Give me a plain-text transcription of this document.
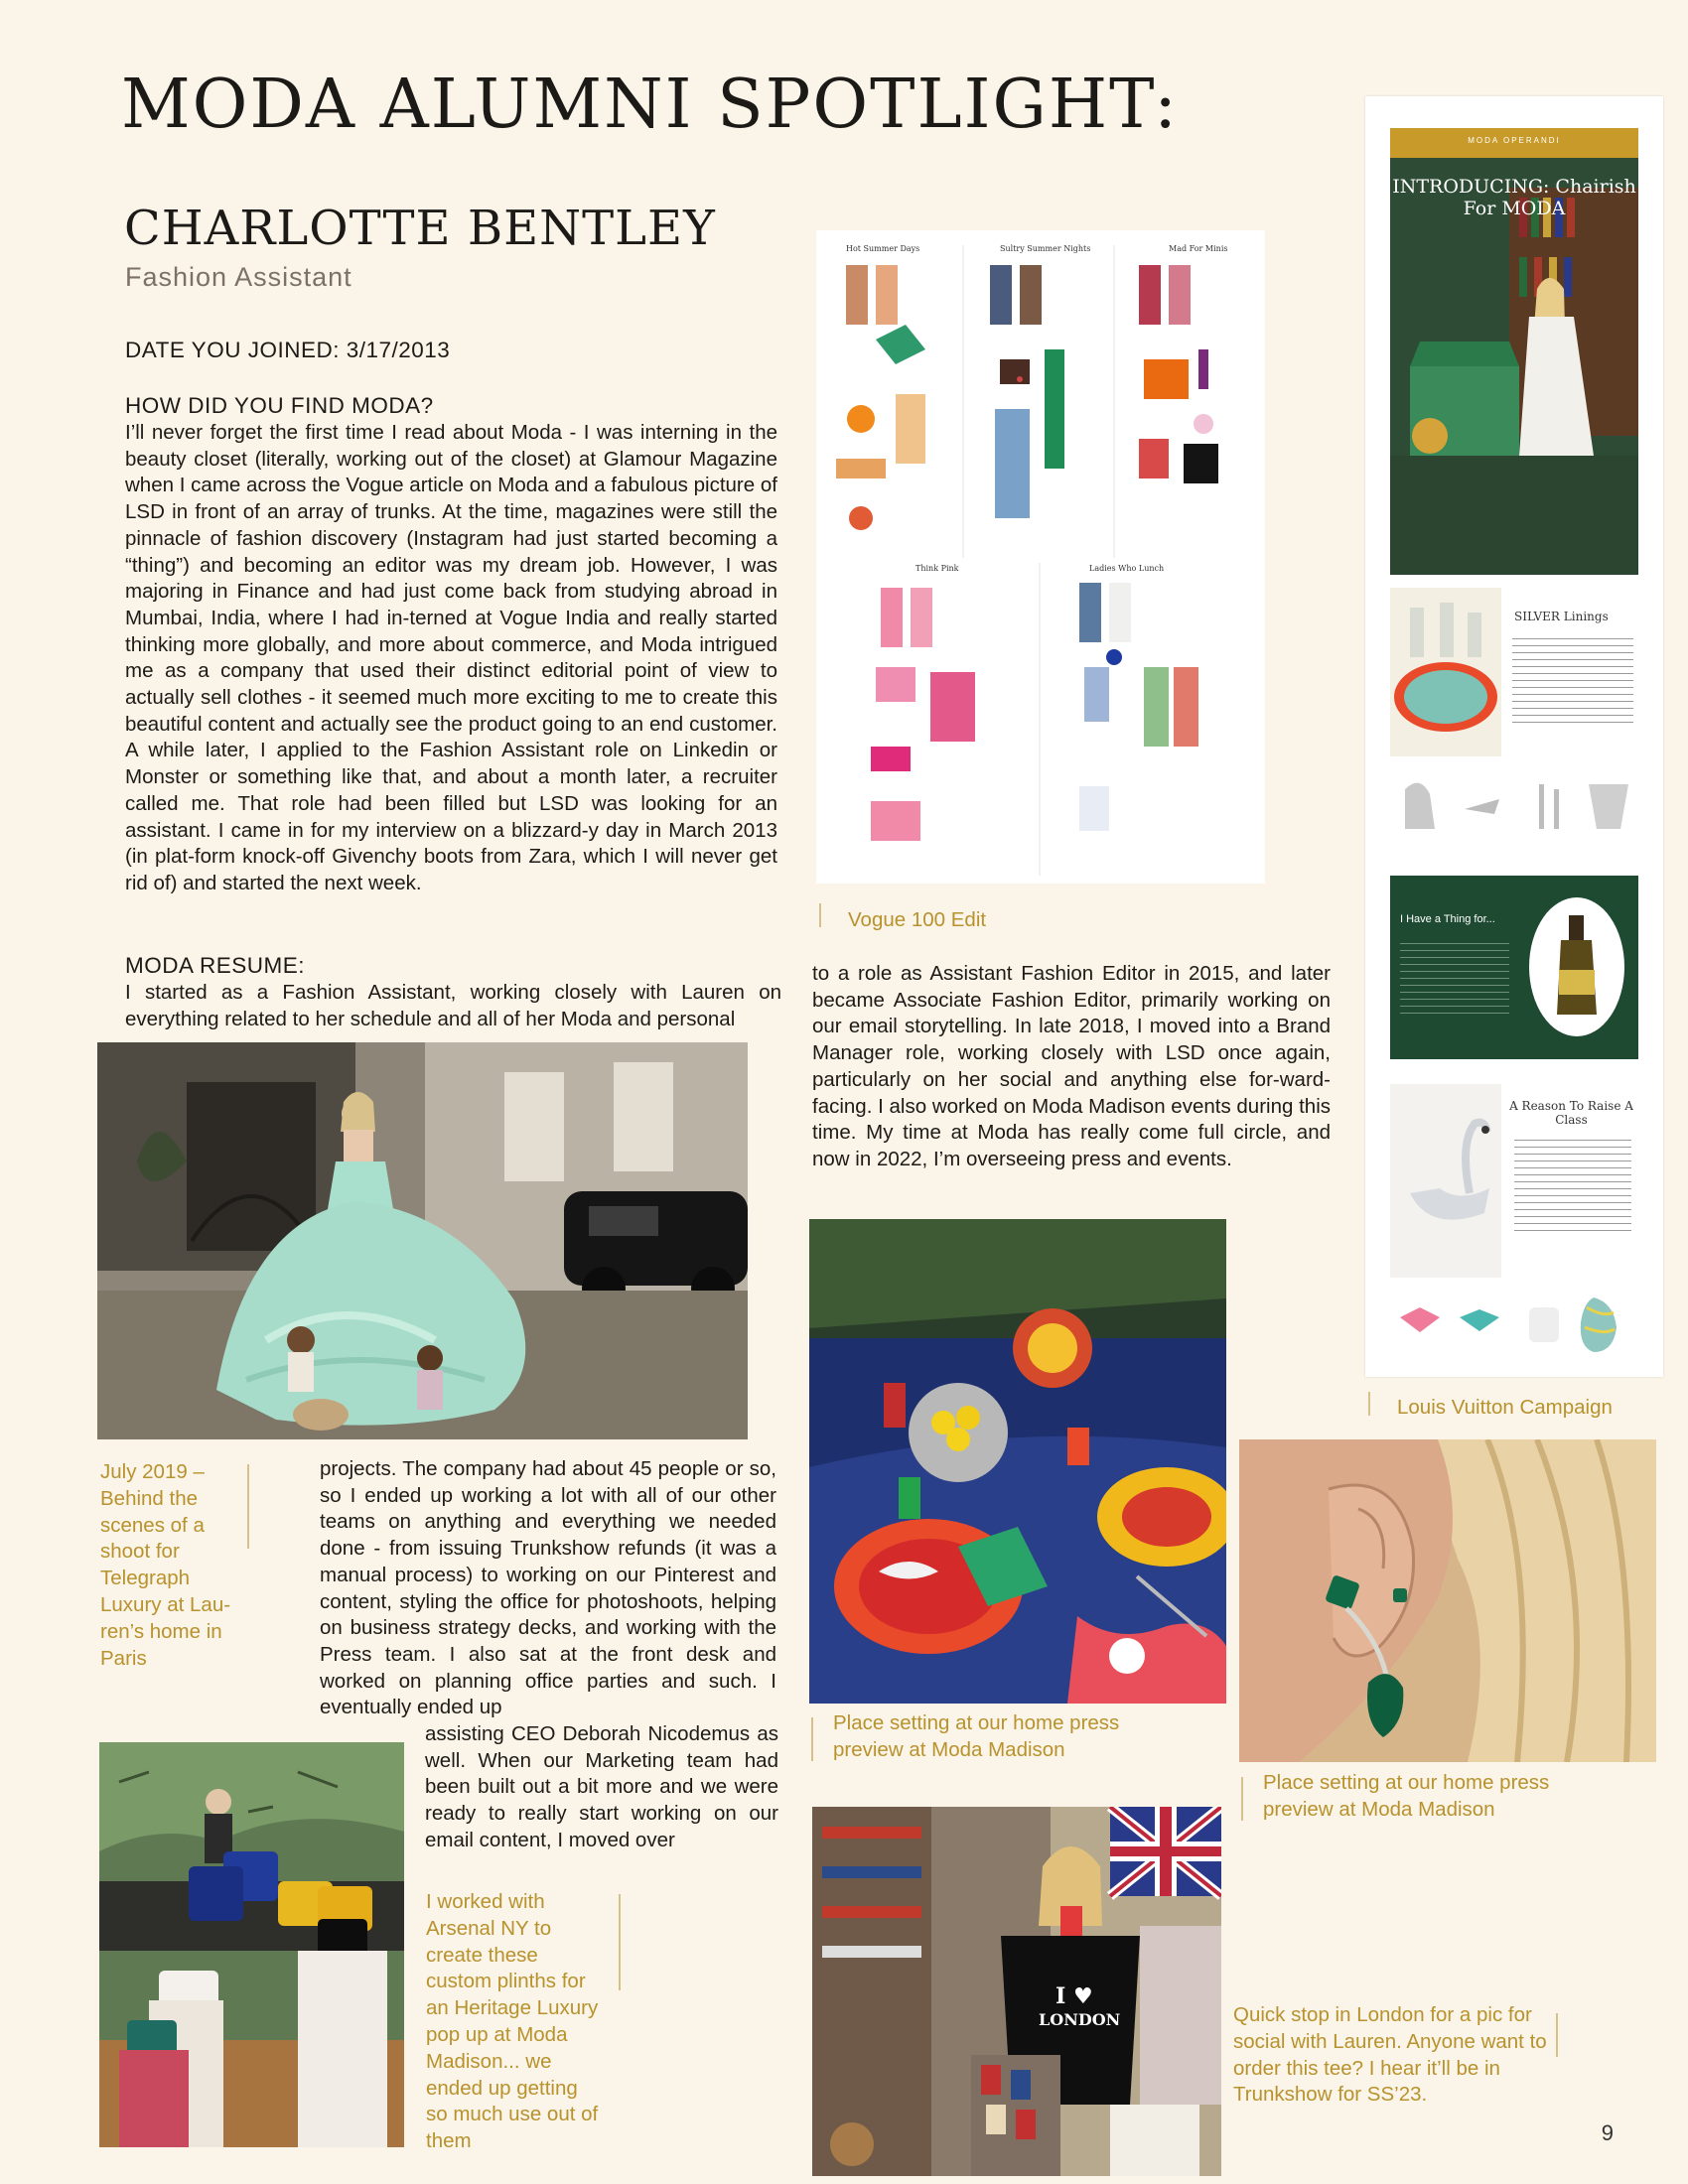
MODA ALUMNI SPOTLIGHT:
CHARLOTTE BENTLEY
Fashion Assistant
DATE YOU JOINED: 3/17/2013
HOW DID YOU FIND MODA?
I’ll never forget the first time I read about Moda - I was interning in the beauty closet (literally, working out of the closet) at Glamour Magazine when I came across the Vogue article on Moda and a fabulous picture of LSD in front of an array of trunks. At the time, magazines were still the pinnacle of fashion discovery (Instagram had just started becoming a “thing”) and becoming an editor was my dream job. However, I was majoring in Finance and had just come back from studying abroad in Mumbai, India, where I had in-terned at Vogue India and really started thinking more globally, and more about commerce, and Moda intrigued me as a company that used their distinct editorial point of view to actually sell clothes - it seemed much more exciting to me to create this beautiful content and actually see the product going to an end customer. A while later, I applied to the Fashion Assistant role on Linkedin or Monster or something like that, and about a month later, a recruiter called me. That role had been filled but LSD was looking for an assistant. I came in for my interview on a blizzard-y day in March 2013 (in plat-form knock-off Givenchy boots from Zara, which I will never get rid of) and started the next week.
MODA RESUME:
I started as a Fashion Assistant, working closely with Lauren on everything related to her schedule and all of her Moda and personal
July 2019 – Behind the scenes of a shoot for Telegraph Luxury at Lau-ren’s home in Paris
projects. The company had about 45 people or so, so I ended up working a lot with all of our other teams on anything and everything we needed done - from issuing Trunkshow refunds (it was a manual process) to working on our Pinterest and content, styling the office for photoshoots, helping on business strategy decks, and working with the Press team. I also sat at the front desk and worked on planning office parties and such. I eventually ended up
assisting CEO Deborah Nicodemus as well. When our Marketing team had been built out a bit more and we were ready to really start working on our email content, I moved over
I worked with Arsenal NY to create these custom plinths for an Heritage Luxury pop up at Moda Madison... we ended up getting so much use out of them
Hot Summer Days	Sultry Summer Nights	Mad For Minis
Think Pink	Ladies Who Lunch
Vogue 100 Edit
to a role as Assistant Fashion Editor in 2015, and later became Associate Fashion Editor, primarily working on our email storytelling. In late 2018, I moved into a Brand Manager role, working closely with LSD once again, particularly on her social and anything else for-ward-facing. I also worked on Moda Madison events during this time. My time at Moda has really come full circle, and now in 2022, I’m overseeing press and events.
Place setting at our home press preview at Moda Madison
I ♥
LONDON	Quick stop in London for a pic for social with Lauren. Anyone want to order this tee? I hear it’ll be in Trunkshow for SS’23.
MODA OPERANDI
INTRODUCING: Chairish For MODA
SILVER Linings
I Have a Thing for...
A Reason To Raise A Class
Louis Vuitton Campaign
Place setting at our home press preview at Moda Madison
9
